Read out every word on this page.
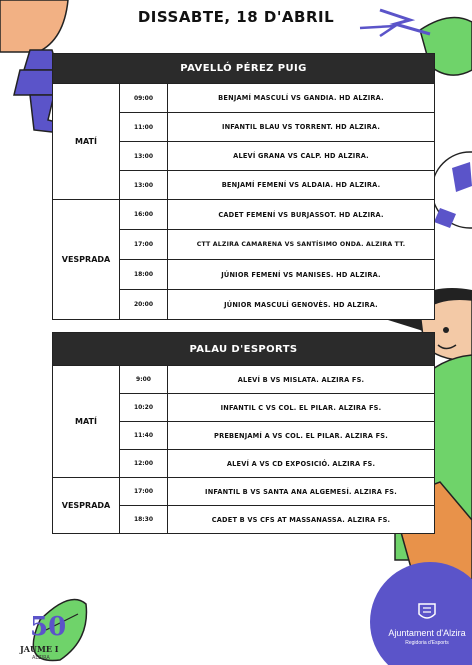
DISSABTE, 18 D'ABRIL
PAVELLÓ PÉREZ PUIG		
MATÍ	09:00	BENJAMÍ MASCULÍ VS GANDIA. HD ALZIRA.
	11:00	INFANTIL BLAU VS TORRENT. HD ALZIRA.
	13:00	ALEVÍ GRANA VS CALP. HD ALZIRA.
	13:00	BENJAMÍ FEMENÍ VS ALDAIA. HD ALZIRA.
VESPRADA	16:00	CADET FEMENÍ VS BURJASSOT. HD ALZIRA.
	17:00	CTT ALZIRA CAMARENA VS SANTÍSIMO ONDA. ALZIRA TT.
	18:00	JÚNIOR FEMENÍ VS MANISES. HD ALZIRA.
	20:00	JÚNIOR MASCULÍ GENOVÈS. HD ALZIRA.
PALAU D'ESPORTS		
MATÍ	9:00	ALEVÍ B VS MISLATA. ALZIRA FS.
	10:20	INFANTIL C VS COL. EL PILAR. ALZIRA FS.
	11:40	PREBENJAMÍ A VS COL. EL PILAR. ALZIRA FS.
	12:00	ALEVÍ A VS CD EXPOSICIÓ. ALZIRA FS.
VESPRADA	17:00	INFANTIL B VS SANTA ANA ALGEMESÍ. ALZIRA FS.
	18:30	CADET B VS CFS AT MASSANASSA. ALZIRA FS.
50
JAUME I
ALZIRA
Ajuntament d'Alzira
Regidoria d'Esports
